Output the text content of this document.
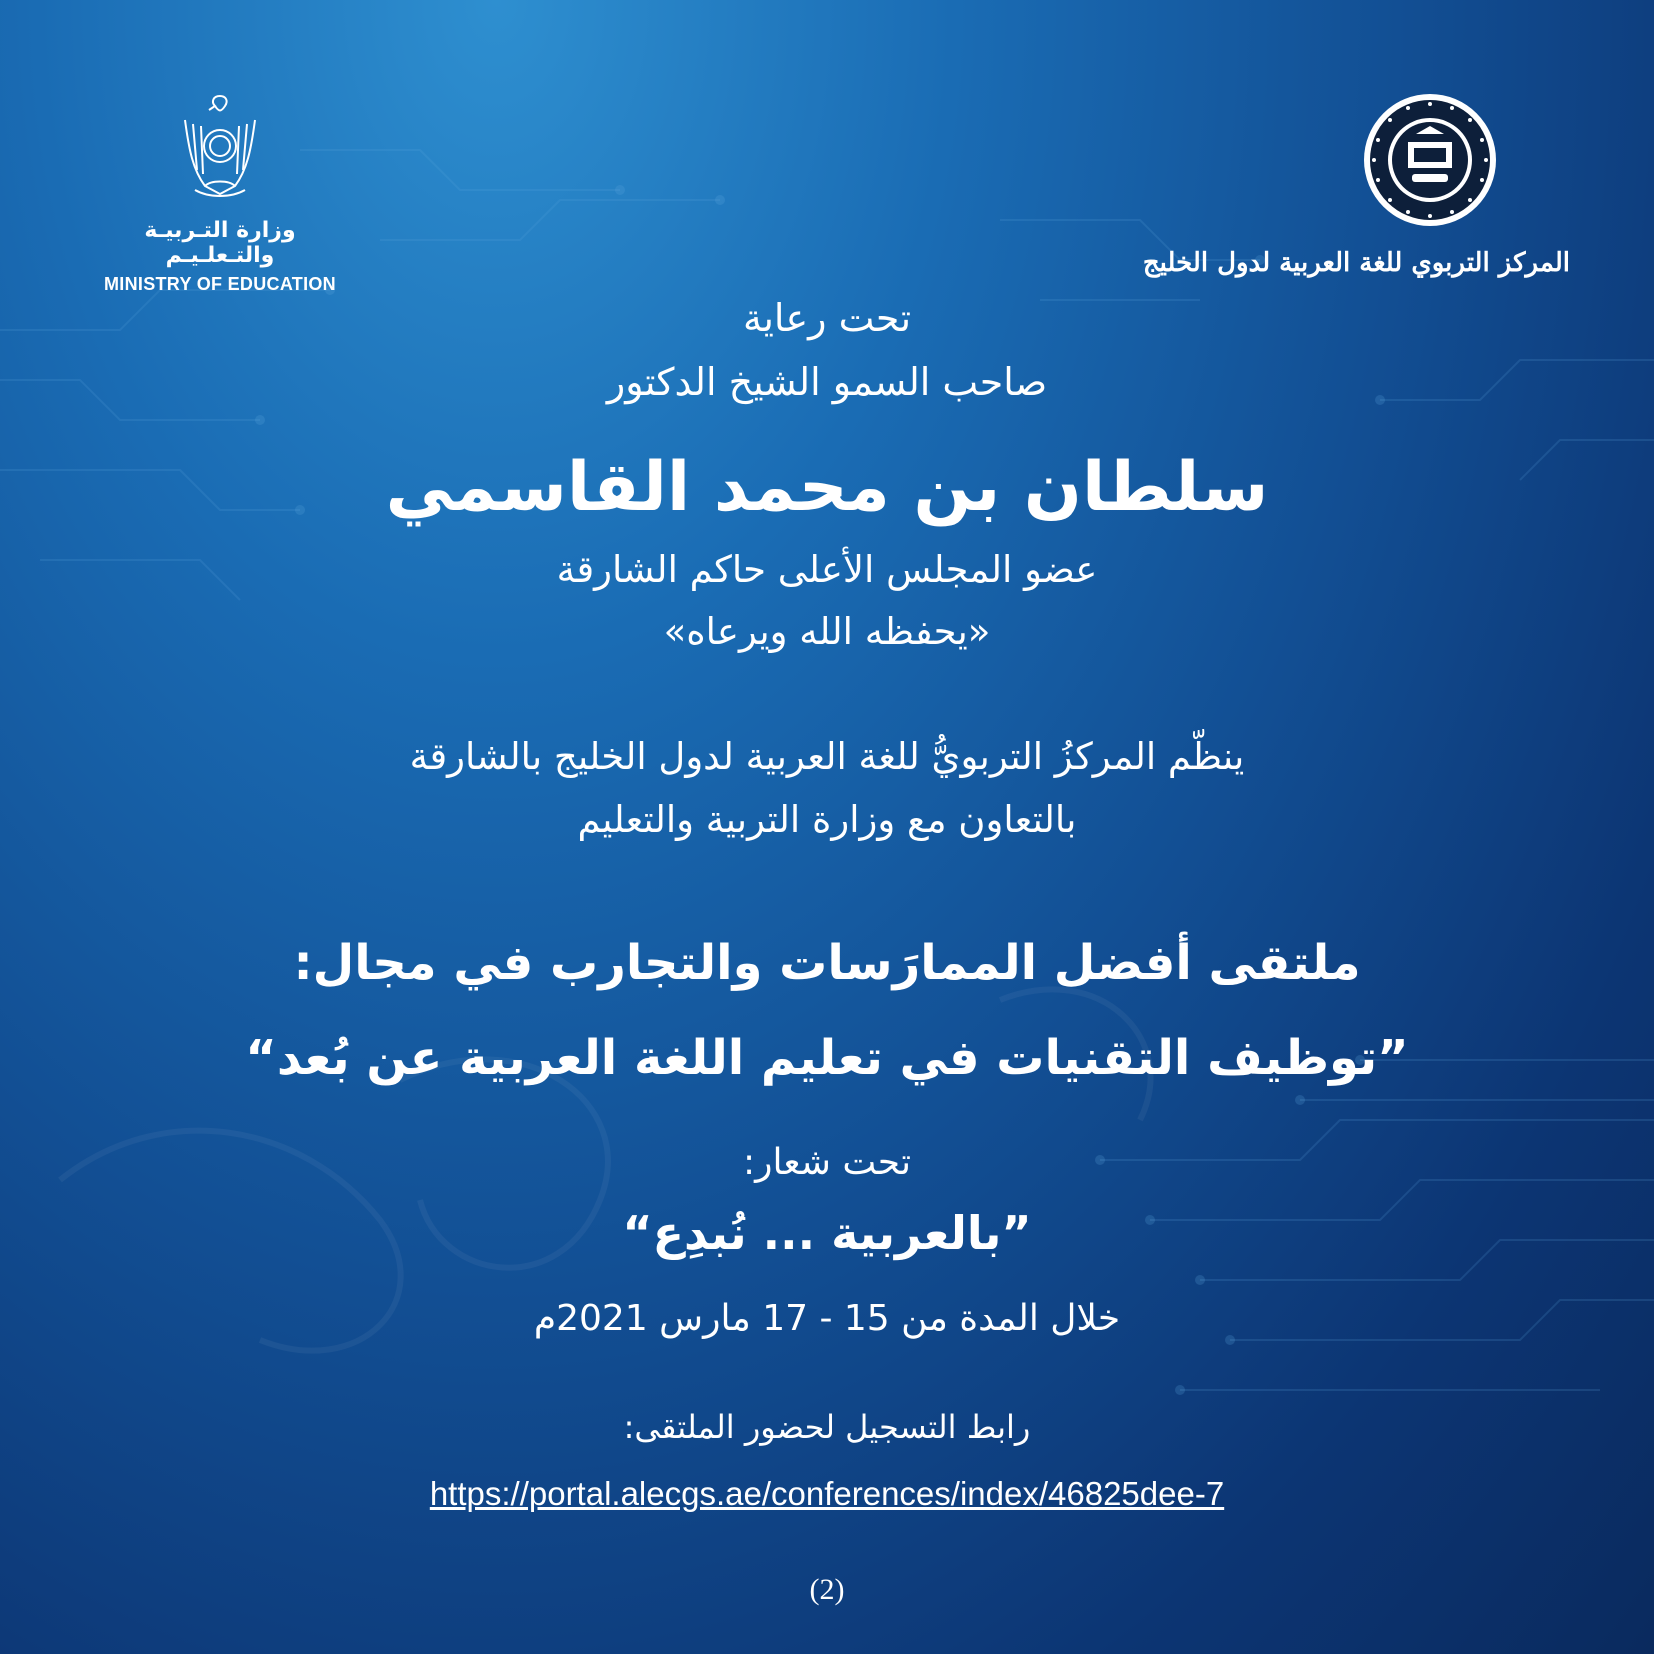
وزارة التـربيـة والتـعلـيـم
MINISTRY OF EDUCATION
المركز التربوي للغة العربية لدول الخليج
تحت رعاية
صاحب السمو الشيخ الدكتور
سلطان بن محمد القاسمي
عضو المجلس الأعلى حاكم الشارقة
«يحفظه الله ويرعاه»
ينظّم المركزُ التربويُّ للغة العربية لدول الخليج بالشارقة
بالتعاون مع وزارة التربية والتعليم
ملتقى أفضل الممارَسات والتجارب في مجال:
”توظيف التقنيات في تعليم اللغة العربية عن بُعد“
تحت شعار:
”بالعربية ... نُبدِع“
خلال المدة من 15 - 17 مارس 2021م
رابط التسجيل لحضور الملتقى:
https://portal.alecgs.ae/conferences/index/46825dee-7
(2)
